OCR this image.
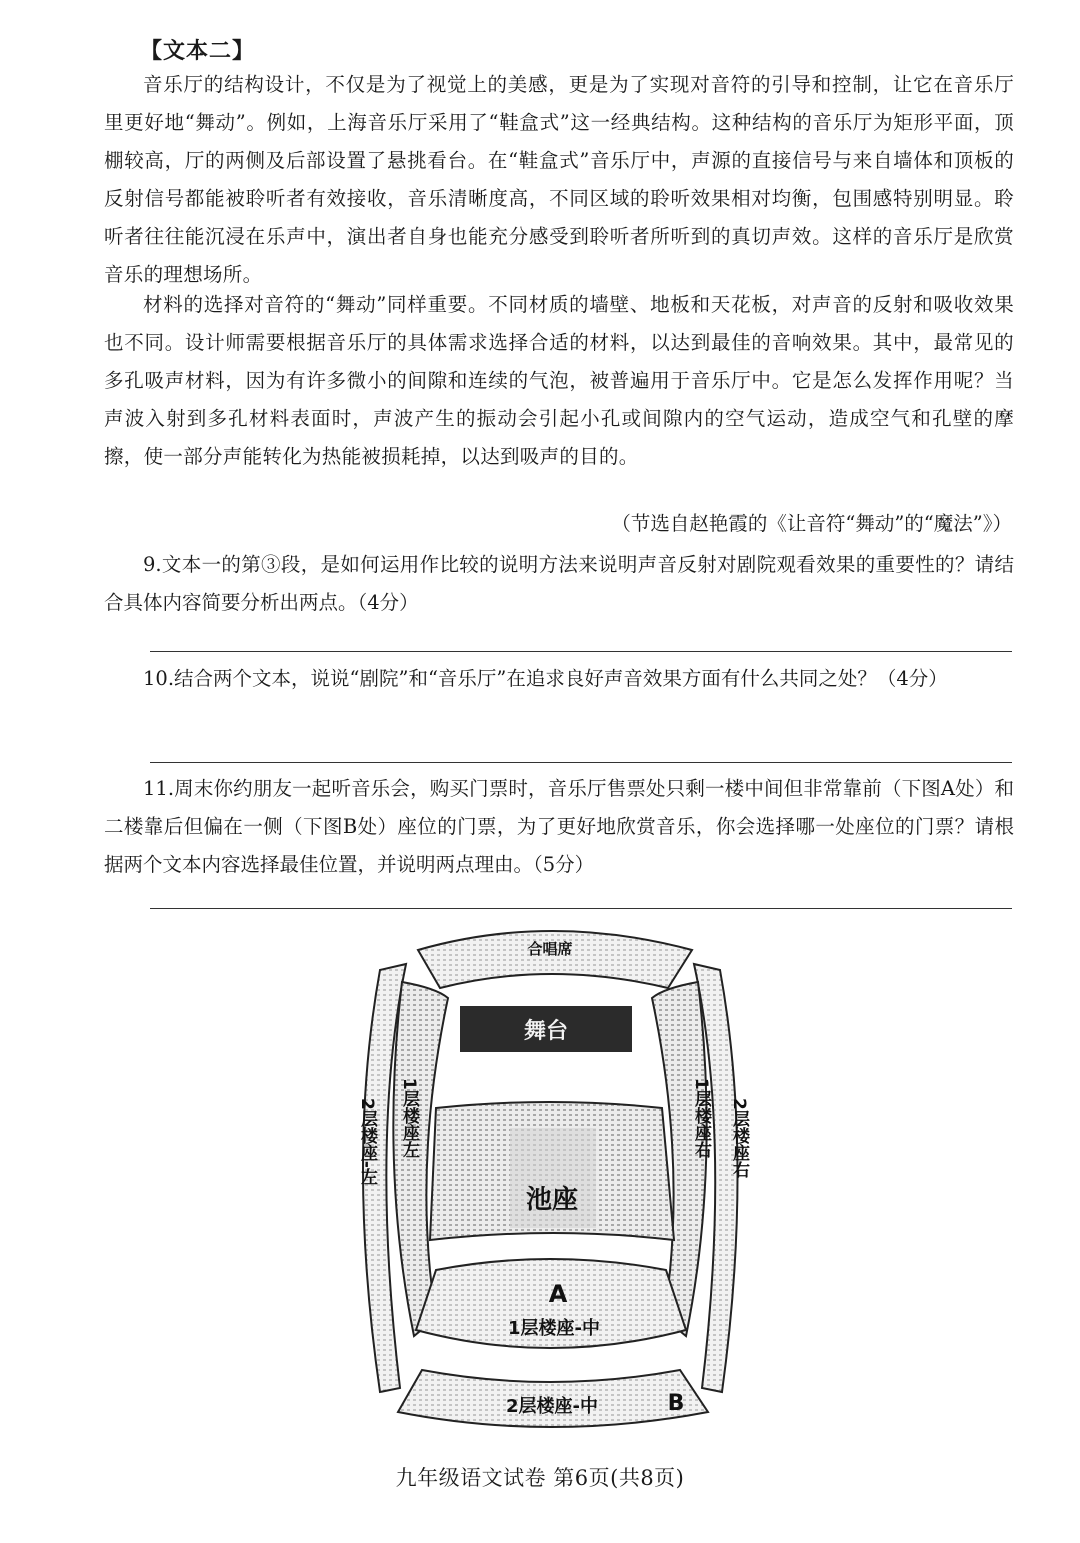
【文本二】

音乐厅的结构设计，不仅是为了视觉上的美感，更是为了实现对音符的引导和控制，让它在音乐厅里更好地“舞动”。例如，上海音乐厅采用了“鞋盒式”这一经典结构。这种结构的音乐厅为矩形平面，顶棚较高，厅的两侧及后部设置了悬挑看台。在“鞋盒式”音乐厅中，声源的直接信号与来自墙体和顶板的反射信号都能被聆听者有效接收，音乐清晰度高，不同区域的聆听效果相对均衡，包围感特别明显。聆听者往往能沉浸在乐声中，演出者自身也能充分感受到聆听者所听到的真切声效。这样的音乐厅是欣赏音乐的理想场所。

材料的选择对音符的“舞动”同样重要。不同材质的墙壁、地板和天花板，对声音的反射和吸收效果也不同。设计师需要根据音乐厅的具体需求选择合适的材料，以达到最佳的音响效果。其中，最常见的多孔吸声材料，因为有许多微小的间隙和连续的气泡，被普遍用于音乐厅中。它是怎么发挥作用呢？当声波入射到多孔材料表面时，声波产生的振动会引起小孔或间隙内的空气运动，造成空气和孔壁的摩擦，使一部分声能转化为热能被损耗掉，以达到吸声的目的。

（节选自赵艳霞的《让音符“舞动”的“魔法”》）

9.文本一的第③段，是如何运用作比较的说明方法来说明声音反射对剧院观看效果的重要性的？请结合具体内容简要分析出两点。（4分）

10.结合两个文本，说说“剧院”和“音乐厅”在追求良好声音效果方面有什么共同之处？（4分）

11.周末你约朋友一起听音乐会，购买门票时，音乐厅售票处只剩一楼中间但非常靠前（下图A处）和二楼靠后但偏在一侧（下图B处）座位的门票，为了更好地欣赏音乐，你会选择哪一处座位的门票？请根据两个文本内容选择最佳位置，并说明两点理由。（5分）

合唱席
舞台
池座
A
1层楼座-中
2层楼座-中	B
2层楼座-左 1层楼座左	1层楼座右 2层楼座右
九年级语文试卷 第6页(共8页)
